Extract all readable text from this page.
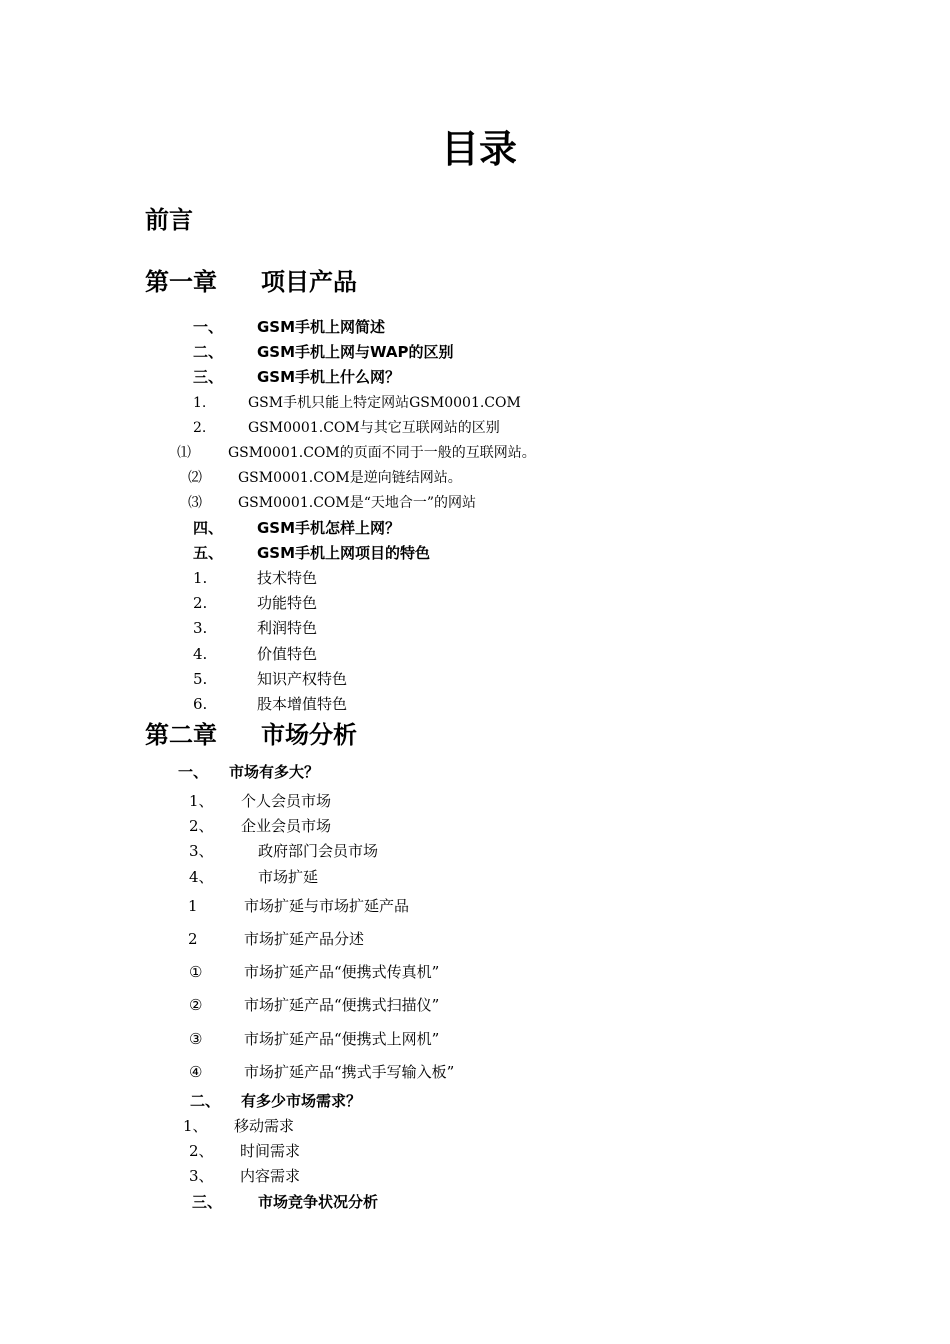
目录
前言
第一章 项目产品
一、 GSM手机上网简述
二、 GSM手机上网与WAP的区别
三、 GSM手机上什么网？
1.	GSM手机只能上特定网站GSM0001.COM
2.	GSM0001.COM与其它互联网站的区别
⑴	GSM0001.COM的页面不同于一般的互联网站。
⑵	GSM0001.COM是逆向链结网站。
⑶	GSM0001.COM是“天地合一”的网站
四、 GSM手机怎样上网？
五、 GSM手机上网项目的特色
1.	技术特色
2.	功能特色
3.	利润特色
4.	价值特色
5.	知识产权特色
6.	股本增值特色
第二章 市场分析
一、 市场有多大？
1、 个人会员市场
2、 企业会员市场
3、	政府部门会员市场
4、	市场扩延
1	市场扩延与市场扩延产品
2	市场扩延产品分述
①	市场扩延产品“便携式传真机”
②	市场扩延产品“便携式扫描仪”
③	市场扩延产品“便携式上网机”
④	市场扩延产品“携式手写输入板”
二、 有多少市场需求？
1、 移动需求
2、 时间需求
3、 内容需求
三、 市场竞争状况分析
